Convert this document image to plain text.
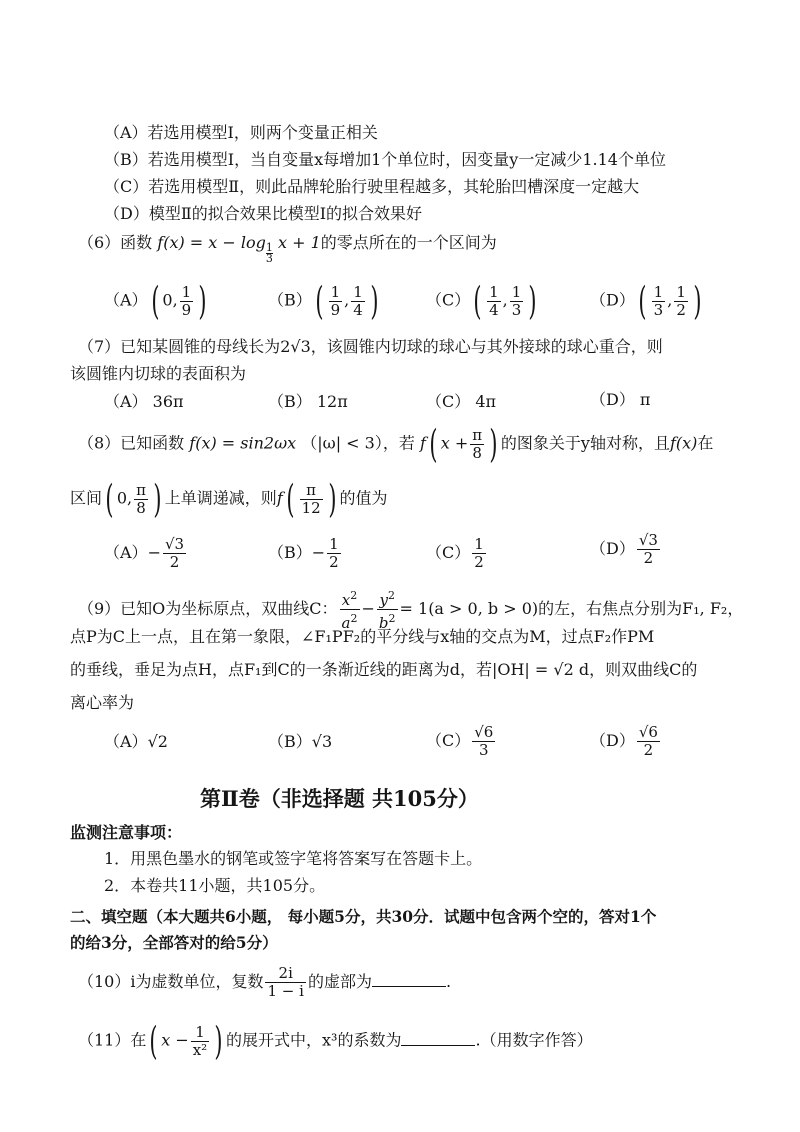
（A）若选用模型Ⅰ，则两个变量正相关
（B）若选用模型Ⅰ，当自变量x每增加1个单位时，因变量y一定减少1.14个单位
（C）若选用模型Ⅱ，则此品牌轮胎行驶里程越多，其轮胎凹槽深度一定越大
（D）模型Ⅱ的拟合效果比模型Ⅰ的拟合效果好
（6）函数 f(x) = x − log
$\frac{1}{3}$
x + 1的零点所在的一个区间为
（A）( 0, $\frac{1}{9}$ )	$(B)( \frac{1}{9}$ , $\frac{1}{4}$ )	$(C)( \frac{1}{4}$ , $\frac{1}{3}$ )	$(D)( \frac{1}{3}$ , $\frac{1}{2}$ )
（7）已知某圆锥的母线长为2√3，该圆锥内切球的球心与其外接球的球心重合，则
该圆锥内切球的表面积为
（A） 36π	（B） 12π	（C） 4π	（D） π
（8）已知函数 f(x) = sin2ωx （|ω| < 3），若 f( $x + \frac{\pi}{8}$ ) 的图象关于y轴对称，且f(x)在
区间( 0, $\frac{\pi}{8}$ ) 上单调递减，则$f( \frac{\pi}{12}$ ) 的值为
$(A)- \frac{√3}{2}$	$(B)- \frac{1}{2}$	$(C) \frac{1}{2}$	$(D) \frac{√3}{2}$
（9）已知O为坐标原点，双曲线C： $\frac{x^2}{a^2} - \frac{y^2}{b^2} = 1(a > 0$, b > 0)的左，右焦点分别为F₁, F₂，
点P为C上一点，且在第一象限，∠F₁PF₂的平分线与x轴的交点为M，过点F₂作PM
的垂线，垂足为点H，点F₁到C的一条渐近线的距离为d，若|OH| = √2 d，则双曲线C的
离心率为
（A）√2	（B）√3	$(C) \frac{√6}{3}$	$(D) \frac{√6}{2}$
第Ⅱ卷（非选择题 共105分）
监测注意事项：
1．用黑色墨水的钢笔或签字笔将答案写在答题卡上。
2．本卷共11小题，共105分。
二、填空题（本大题共6小题， 每小题5分，共30分．试题中包含两个空的，答对1个
的给3分，全部答对的给5分）
（10）i为虚数单位，复数 $\frac{2i}{1 - i}$ 的虚部为	.
（11）在( $x - \frac{1}{\text{x²}}$ ) 的展开式中，x³的系数为	.（用数字作答）
